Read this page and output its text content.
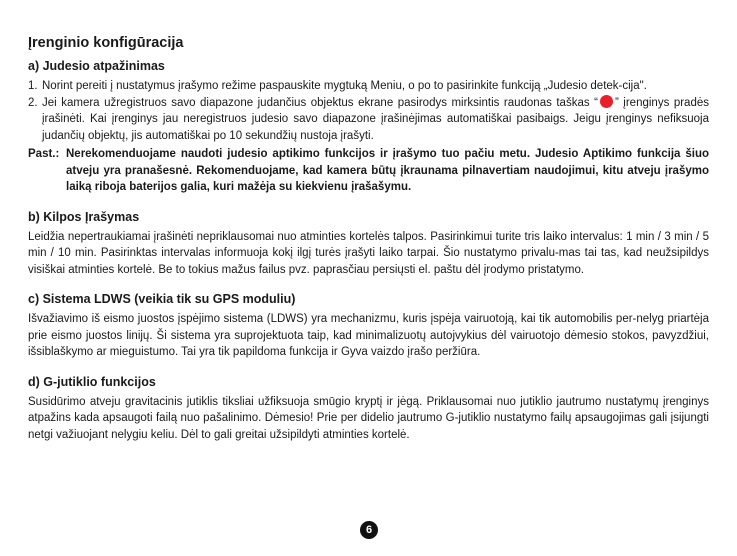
Įrenginio konfigūracija
a) Judesio atpažinimas
1. Norint pereiti į nustatymus įrašymo režime paspauskite mygtuką Meniu, o po to pasirinkite funkciją „Judesio detek-cija".
2. Jei kamera užregistruos savo diapazone judančius objektus ekrane pasirodys mirksintis raudonas taškas “ ” įrenginys pradės įrašinėti. Kai įrenginys jau neregistruos judesio savo diapazone įrašinėjimas automatiškai pasibaigs. Jeigu įrenginys nefiksuoja judančių objektų, jis automatiškai po 10 sekundžių nustoja įrašyti.
Past.: Nerekomenduojame naudoti judesio aptikimo funkcijos ir įrašymo tuo pačiu metu. Judesio Aptikimo funkcija šiuo atveju yra pranašesnė. Rekomenduojame, kad kamera būtų įkraunama pilnavertiam naudojimui, kitu atveju įrašymo laiką riboja baterijos galia, kuri mažėja su kiekvienu įrašašymu.
b) Kilpos Įrašymas

Leidžia nepertraukiamai įrašinėti nepriklausomai nuo atminties kortelės talpos. Pasirinkimui turite tris laiko intervalus: 1 min / 3 min / 5 min / 10 min. Pasirinktas intervalas informuoja kokį ilgį turės įrašyti laiko tarpai. Šio nustatymo privalu-mas tai tas, kad neužsipildys visiškai atminties kortelė. Be to tokius mažus failus pvz. paprasčiau persiųsti el. paštu dėl įrodymo pristatymo.

c) Sistema LDWS (veikia tik su GPS moduliu)

Išvažiavimo iš eismo juostos įspėjimo sistema (LDWS) yra mechanizmu, kuris įspėja vairuotoją, kai tik automobilis per-nelyg priartėja prie eismo juostos linijų. Ši sistema yra suprojektuota taip, kad minimalizuotų autojvykius dėl vairuotojo dėmesio stokos, pavyzdžiui, išsiblaškymo ar mieguistumo. Tai yra tik papildoma funkcija ir Gyva vaizdo įrašo peržiūra.

d) G-jutiklio funkcijos

Susidūrimo atveju gravitacinis jutiklis tiksliai užfiksuoja smūgio kryptį ir jėgą. Priklausomai nuo jutiklio jautrumo nustatymų įrenginys atpažins kada apsaugoti failą nuo pašalinimo. Dėmesio! Prie per didelio jautrumo G-jutiklio nustatymo failų apsaugojimas gali įsijungti netgi važiuojant nelygiu keliu. Dėl to gali greitai užsipildyti atminties kortelė.

6
